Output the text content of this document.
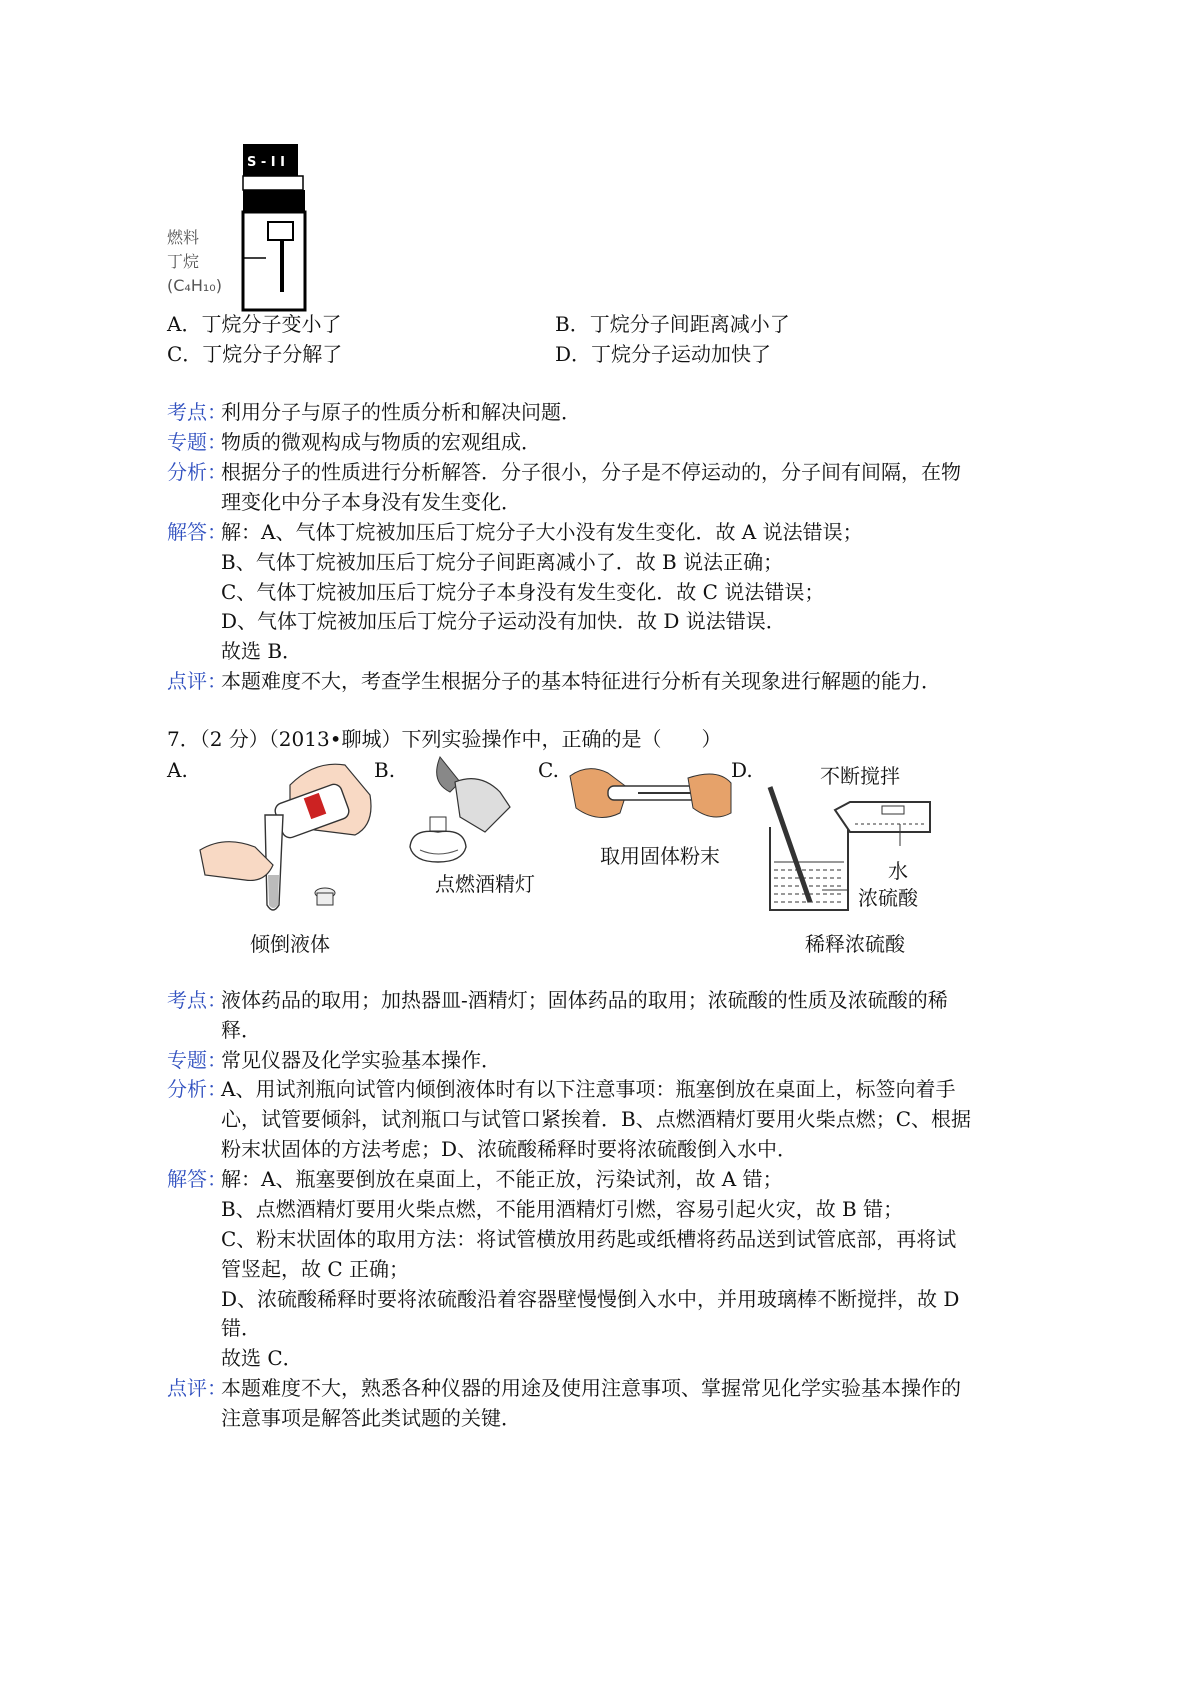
S - I I
燃料
丁烷
(C₄H₁₀)
A．丁烷分子变小了	B．丁烷分子间距离减小了
C．丁烷分子分解了	D．丁烷分子运动加快了
考点：
利用分子与原子的性质分析和解决问题．
专题：
物质的微观构成与物质的宏观组成．
分析：
根据分子的性质进行分析解答．分子很小，分子是不停运动的，分子间有间隔，在物
理变化中分子本身没有发生变化．
解答：
解：A、气体丁烷被加压后丁烷分子大小没有发生变化．故 A 说法错误；
B、气体丁烷被加压后丁烷分子间距离减小了．故 B 说法正确；
C、气体丁烷被加压后丁烷分子本身没有发生变化．故 C 说法错误；
D、气体丁烷被加压后丁烷分子运动没有加快．故 D 说法错误．
故选 B．
点评：
本题难度不大，考查学生根据分子的基本特征进行分析有关现象进行解题的能力．
7．（2 分）（2013•聊城）下列实验操作中，正确的是（　　）
A.	B.	C.	D.
倾倒液体
点燃酒精灯
取用固体粉末
不断搅拌
水
浓硫酸
稀释浓硫酸
考点：
液体药品的取用；加热器皿-酒精灯；固体药品的取用；浓硫酸的性质及浓硫酸的稀
释．
专题：
常见仪器及化学实验基本操作．
分析：
A、用试剂瓶向试管内倾倒液体时有以下注意事项：瓶塞倒放在桌面上，标签向着手
心，试管要倾斜，试剂瓶口与试管口紧挨着．B、点燃酒精灯要用火柴点燃；C、根据
粉末状固体的方法考虑；D、浓硫酸稀释时要将浓硫酸倒入水中．
解答：
解：A、瓶塞要倒放在桌面上，不能正放，污染试剂，故 A 错；
B、点燃酒精灯要用火柴点燃，不能用酒精灯引燃，容易引起火灾，故 B 错；
C、粉末状固体的取用方法：将试管横放用药匙或纸槽将药品送到试管底部，再将试
管竖起，故 C 正确；
D、浓硫酸稀释时要将浓硫酸沿着容器壁慢慢倒入水中，并用玻璃棒不断搅拌，故 D
错．
故选 C．
点评：
本题难度不大，熟悉各种仪器的用途及使用注意事项、掌握常见化学实验基本操作的
注意事项是解答此类试题的关键．
